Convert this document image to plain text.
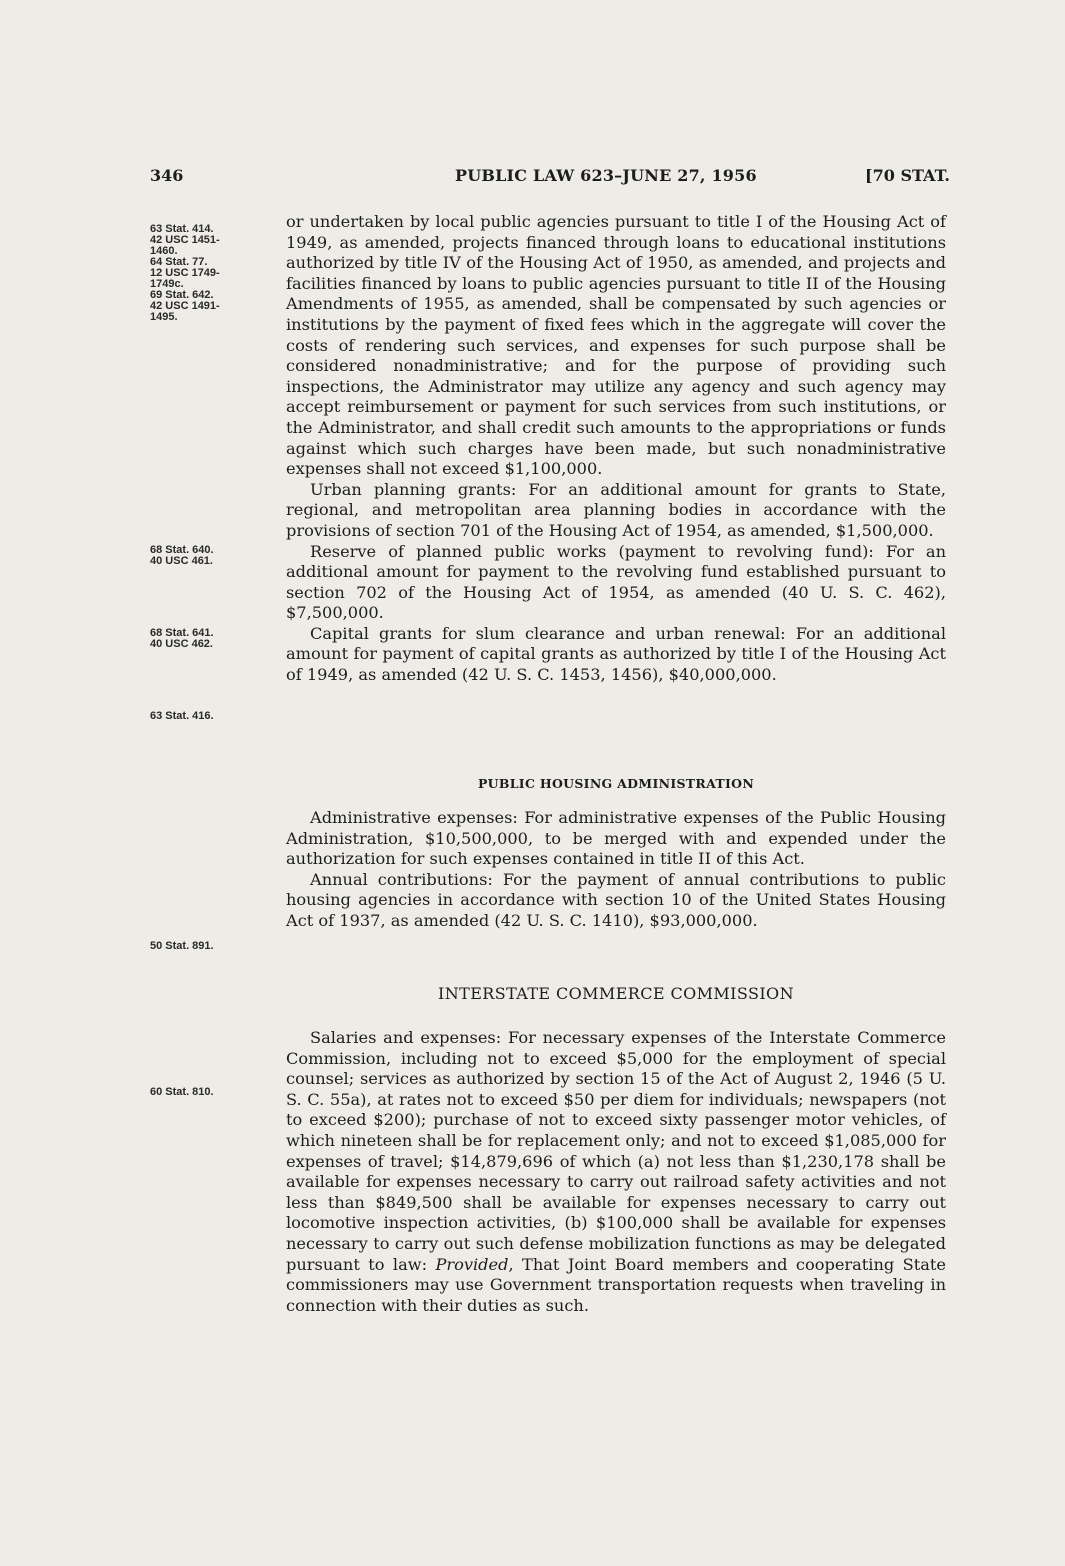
346	PUBLIC LAW 623–JUNE 27, 1956	[70 STAT.
63 Stat. 414.
42 USC 1451-
1460.
64 Stat. 77.
12 USC 1749-
1749c.
69 Stat. 642.
42 USC 1491-
1495.
68 Stat. 640.
40 USC 461.
68 Stat. 641.
40 USC 462.
63 Stat. 416.
50 Stat. 891.
60 Stat. 810.

or undertaken by local public agencies pursuant to title I of the Housing Act of 1949, as amended, projects financed through loans to educational institutions authorized by title IV of the Housing Act of 1950, as amended, and projects and facilities financed by loans to public agencies pursuant to title II of the Housing Amendments of 1955, as amended, shall be compensated by such agencies or institutions by the payment of fixed fees which in the aggregate will cover the costs of rendering such services, and expenses for such purpose shall be considered nonadministrative; and for the purpose of providing such inspections, the Administrator may utilize any agency and such agency may accept reimbursement or payment for such services from such institutions, or the Administrator, and shall credit such amounts to the appropriations or funds against which such charges have been made, but such nonadministrative expenses shall not exceed $1,100,000.

Urban planning grants: For an additional amount for grants to State, regional, and metropolitan area planning bodies in accordance with the provisions of section 701 of the Housing Act of 1954, as amended, $1,500,000.

Reserve of planned public works (payment to revolving fund): For an additional amount for payment to the revolving fund established pursuant to section 702 of the Housing Act of 1954, as amended (40 U. S. C. 462), $7,500,000.

Capital grants for slum clearance and urban renewal: For an additional amount for payment of capital grants as authorized by title I of the Housing Act of 1949, as amended (42 U. S. C. 1453, 1456), $40,000,000.

PUBLIC HOUSING ADMINISTRATION

Administrative expenses: For administrative expenses of the Public Housing Administration, $10,500,000, to be merged with and expended under the authorization for such expenses contained in title II of this Act.

Annual contributions: For the payment of annual contributions to public housing agencies in accordance with section 10 of the United States Housing Act of 1937, as amended (42 U. S. C. 1410), $93,000,000.

INTERSTATE COMMERCE COMMISSION

Salaries and expenses: For necessary expenses of the Interstate Commerce Commission, including not to exceed $5,000 for the employment of special counsel; services as authorized by section 15 of the Act of August 2, 1946 (5 U. S. C. 55a), at rates not to exceed $50 per diem for individuals; newspapers (not to exceed $200); purchase of not to exceed sixty passenger motor vehicles, of which nineteen shall be for replacement only; and not to exceed $1,085,000 for expenses of travel; $14,879,696 of which (a) not less than $1,230,178 shall be available for expenses necessary to carry out railroad safety activities and not less than $849,500 shall be available for expenses necessary to carry out locomotive inspection activities, (b) $100,000 shall be available for expenses necessary to carry out such defense mobilization functions as may be delegated pursuant to law: Provided, That Joint Board members and cooperating State commissioners may use Government transportation requests when traveling in connection with their duties as such.
